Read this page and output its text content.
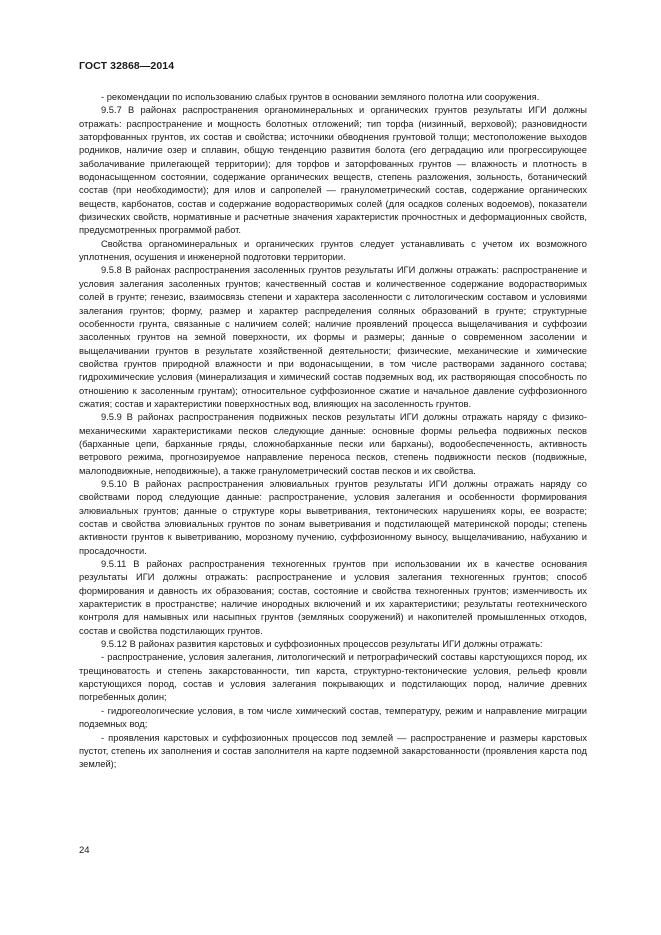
ГОСТ 32868—2014

- рекомендации по использованию слабых грунтов в основании земляного полотна или сооружения.

9.5.7 В районах распространения органоминеральных и органических грунтов результаты ИГИ должны отражать: распространение и мощность болотных отложений; тип торфа (низинный, верховой); разновидности заторфованных грунтов, их состав и свойства; источники обводнения грунтовой толщи; местоположение выходов родников, наличие озер и сплавин, общую тенденцию развития болота (его деградацию или прогрессирующее заболачивание прилегающей территории); для торфов и заторфованных грунтов — влажность и плотность в водонасыщенном состоянии, содержание органических веществ, степень разложения, зольность, ботанический состав (при необходимости); для илов и сапропелей — гранулометрический состав, содержание органических веществ, карбонатов, состав и содержание водорастворимых солей (для осадков соленых водоемов), показатели физических свойств, нормативные и расчетные значения характеристик прочностных и деформационных свойств, предусмотренных программой работ.

Свойства органоминеральных и органических грунтов следует устанавливать с учетом их возможного уплотнения, осушения и инженерной подготовки территории.

9.5.8 В районах распространения засоленных грунтов результаты ИГИ должны отражать: распространение и условия залегания засоленных грунтов; качественный состав и количественное содержание водорастворимых солей в грунте; генезис, взаимосвязь степени и характера засоленности с литологическим составом и условиями залегания грунтов; форму, размер и характер распределения соляных образований в грунте; структурные особенности грунта, связанные с наличием солей; наличие проявлений процесса выщелачивания и суффозии засоленных грунтов на земной поверхности, их формы и размеры; данные о современном засолении и выщелачивании грунтов в результате хозяйственной деятельности; физические, механические и химические свойства грунтов природной влажности и при водонасыщении, в том числе растворами заданного состава; гидрохимические условия (минерализация и химический состав подземных вод, их растворяющая способность по отношению к засоленным грунтам); относительное суффозионное сжатие и начальное давление суффозионного сжатия; состав и характеристики поверхностных вод, влияющих на засоленность грунтов.

9.5.9 В районах распространения подвижных песков результаты ИГИ должны отражать наряду с физико-механическими характеристиками песков следующие данные: основные формы рельефа подвижных песков (барханные цепи, барханные гряды, сложнобарханные пески или барханы), водообеспеченность, активность ветрового режима, прогнозируемое направление переноса песков, степень подвижности песков (подвижные, малоподвижные, неподвижные), а также гранулометрический состав песков и их свойства.

9.5.10 В районах распространения элювиальных грунтов результаты ИГИ должны отражать наряду со свойствами пород следующие данные: распространение, условия залегания и особенности формирования элювиальных грунтов; данные о структуре коры выветривания, тектонических нарушениях коры, ее возрасте; состав и свойства элювиальных грунтов по зонам выветривания и подстилающей материнской породы; степень активности грунтов к выветриванию, морозному пучению, суффозионному выносу, выщелачиванию, набуханию и просадочности.

9.5.11 В районах распространения техногенных грунтов при использовании их в качестве основания результаты ИГИ должны отражать: распространение и условия залегания техногенных грунтов; способ формирования и давность их образования; состав, состояние и свойства техногенных грунтов; изменчивость их характеристик в пространстве; наличие инородных включений и их характеристики; результаты геотехнического контроля для намывных или насыпных грунтов (земляных сооружений) и накопителей промышленных отходов, состав и свойства подстилающих грунтов.

9.5.12 В районах развития карстовых и суффозионных процессов результаты ИГИ должны отражать:

- распространение, условия залегания, литологический и петрографический составы карстующихся пород, их трещиноватость и степень закарстованности, тип карста, структурно-тектонические условия, рельеф кровли карстующихся пород, состав и условия залегания покрывающих и подстилающих пород, наличие древних погребенных долин;

- гидрогеологические условия, в том числе химический состав, температуру, режим и направление миграции подземных вод;

- проявления карстовых и суффозионных процессов под землей — распространение и размеры карстовых пустот, степень их заполнения и состав заполнителя на карте подземной закарстованности (проявления карста под землей);

24
